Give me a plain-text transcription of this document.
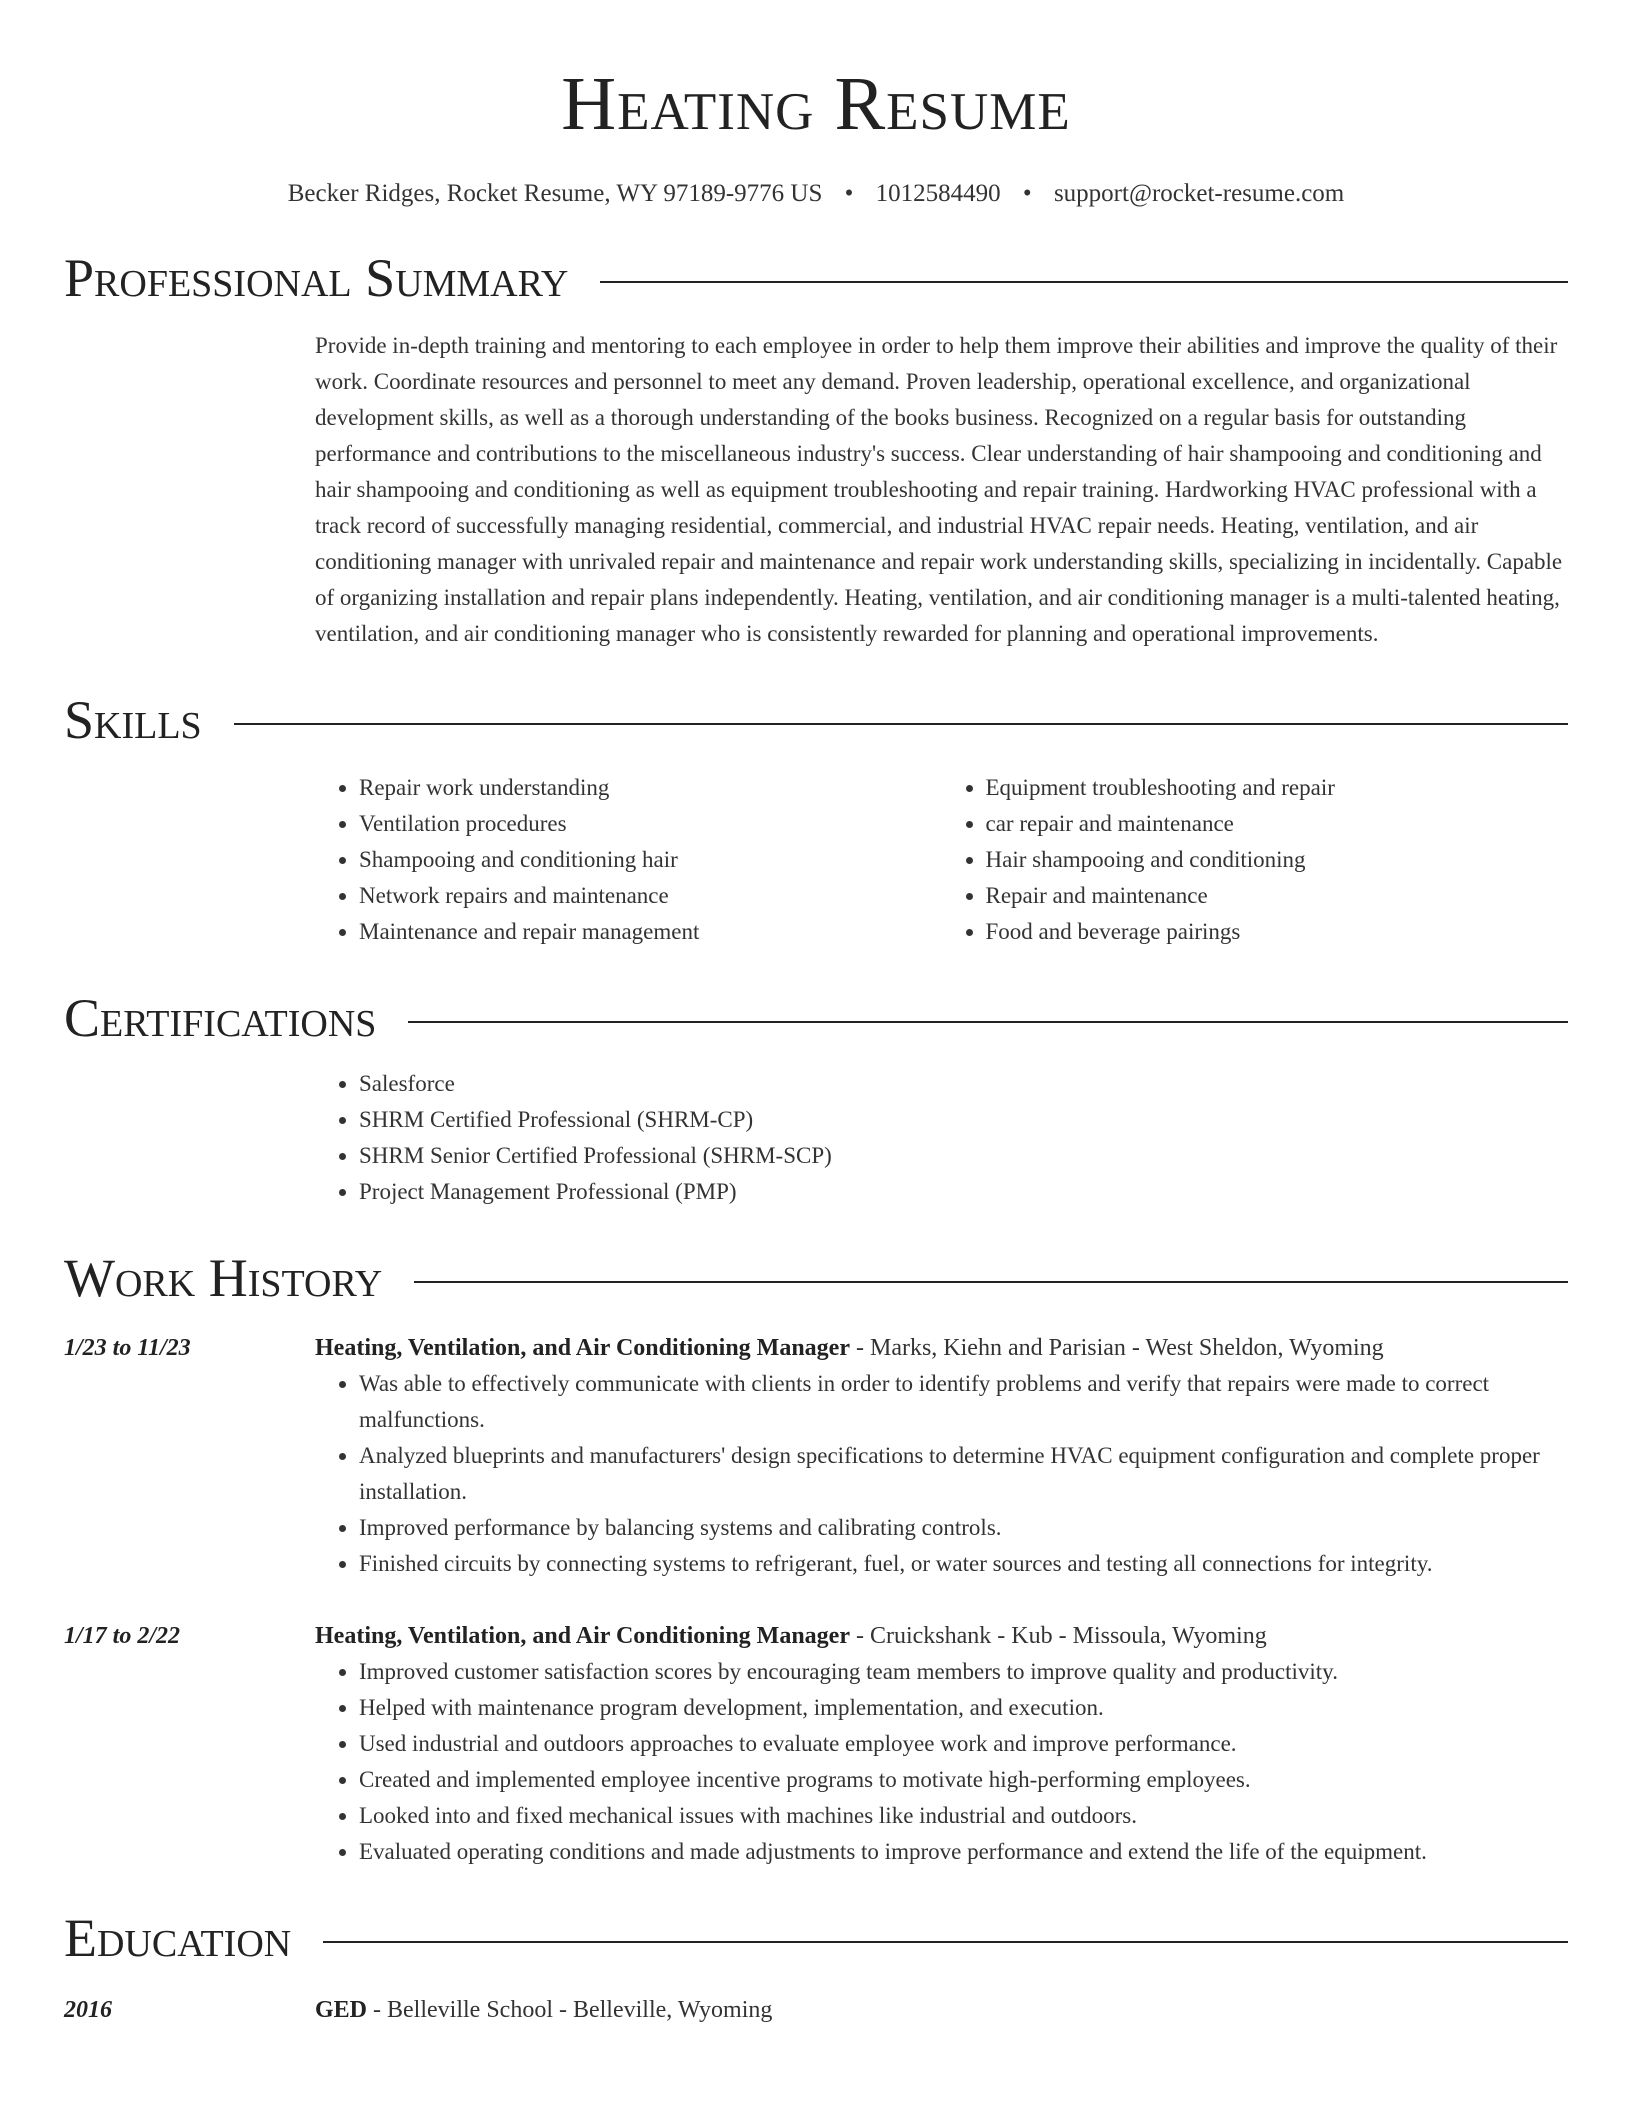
Heating Resume
Becker Ridges, Rocket Resume, WY 97189-9776 US • 1012584490 • support@rocket-resume.com
Professional Summary
Provide in-depth training and mentoring to each employee in order to help them improve their abilities and improve the quality of their work. Coordinate resources and personnel to meet any demand. Proven leadership, operational excellence, and organizational development skills, as well as a thorough understanding of the books business. Recognized on a regular basis for outstanding performance and contributions to the miscellaneous industry's success. Clear understanding of hair shampooing and conditioning and hair shampooing and conditioning as well as equipment troubleshooting and repair training. Hardworking HVAC professional with a track record of successfully managing residential, commercial, and industrial HVAC repair needs. Heating, ventilation, and air conditioning manager with unrivaled repair and maintenance and repair work understanding skills, specializing in incidentally. Capable of organizing installation and repair plans independently. Heating, ventilation, and air conditioning manager is a multi-talented heating, ventilation, and air conditioning manager who is consistently rewarded for planning and operational improvements.
Skills
• Repair work understanding
• Ventilation procedures
• Shampooing and conditioning hair
• Network repairs and maintenance
• Maintenance and repair management
• Equipment troubleshooting and repair
• car repair and maintenance
• Hair shampooing and conditioning
• Repair and maintenance
• Food and beverage pairings
Certifications
• Salesforce
• SHRM Certified Professional (SHRM-CP)
• SHRM Senior Certified Professional (SHRM-SCP)
• Project Management Professional (PMP)
Work History
1/23 to 11/23	Heating, Ventilation, and Air Conditioning Manager - Marks, Kiehn and Parisian - West Sheldon, Wyoming
• Was able to effectively communicate with clients in order to identify problems and verify that repairs were made to correct malfunctions.
• Analyzed blueprints and manufacturers' design specifications to determine HVAC equipment configuration and complete proper installation.
• Improved performance by balancing systems and calibrating controls.
• Finished circuits by connecting systems to refrigerant, fuel, or water sources and testing all connections for integrity.
1/17 to 2/22	Heating, Ventilation, and Air Conditioning Manager - Cruickshank - Kub - Missoula, Wyoming
• Improved customer satisfaction scores by encouraging team members to improve quality and productivity.
• Helped with maintenance program development, implementation, and execution.
• Used industrial and outdoors approaches to evaluate employee work and improve performance.
• Created and implemented employee incentive programs to motivate high-performing employees.
• Looked into and fixed mechanical issues with machines like industrial and outdoors.
• Evaluated operating conditions and made adjustments to improve performance and extend the life of the equipment.
Education
2016	GED - Belleville School - Belleville, Wyoming
